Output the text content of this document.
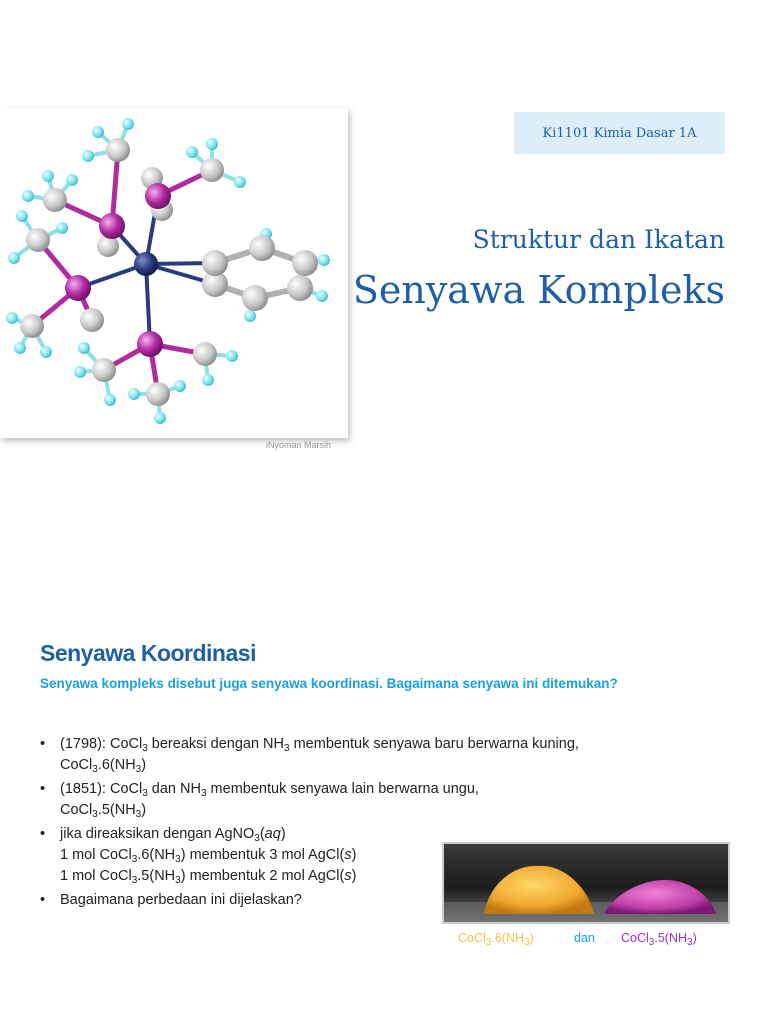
iNyoman Marsih
Ki1101 Kimia Dasar 1A
Struktur dan Ikatan
Senyawa Kompleks
Senyawa Koordinasi
Senyawa kompleks disebut juga senyawa koordinasi. Bagaimana senyawa ini ditemukan?
• (1798): CoCl$_3$ bereaksi dengan $NH_3$ membentuk senyawa baru berwarna kuning,
$CoCl_3.6(NH_3)$
• (1851): CoCl$_3$ dan $NH_3$ membentuk senyawa lain berwarna ungu,
$CoCl_3.5(NH_3)$
• jika direaksikan dengan AgNO$_3$(aq)
1 mol $CoCl_3.6(NH_3)$ membentuk 3 mol AgCl(s)
1 mol $CoCl_3.5(NH_3)$ membentuk 2 mol AgCl(s)
• Bagaimana perbedaan ini dijelaskan?
$CoCl_3.6(NH_3)$	dan $CoCl_3.5(NH_3)$
